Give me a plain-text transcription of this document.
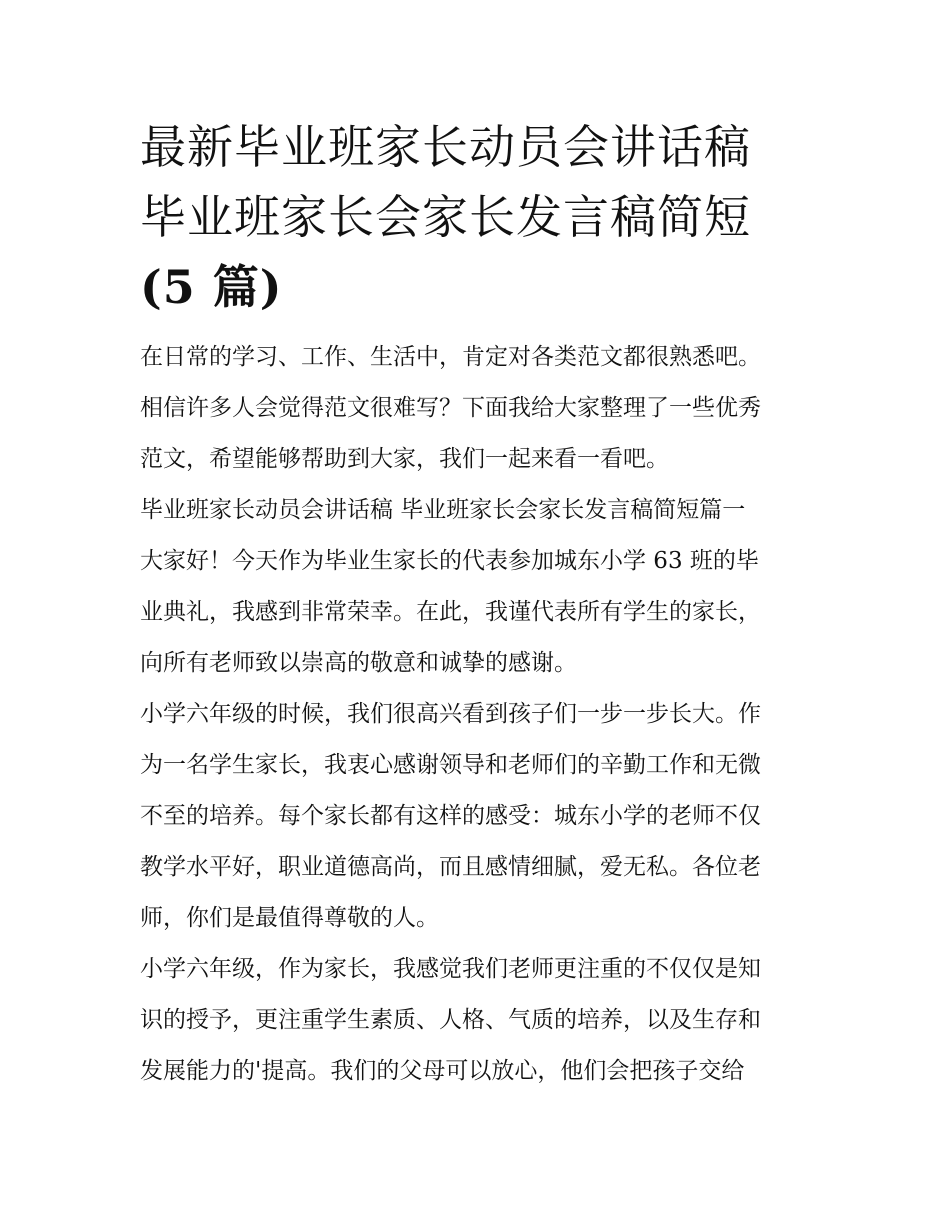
最新毕业班家长动员会讲话稿
毕业班家长会家长发言稿简短
(5 篇)

在日常的学习、工作、生活中，肯定对各类范文都很熟悉吧。
相信许多人会觉得范文很难写？下面我给大家整理了一些优秀
范文，希望能够帮助到大家，我们一起来看一看吧。

毕业班家长动员会讲话稿 毕业班家长会家长发言稿简短篇一

大家好！今天作为毕业生家长的代表参加城东小学 63 班的毕
业典礼，我感到非常荣幸。在此，我谨代表所有学生的家长，
向所有老师致以崇高的敬意和诚挚的感谢。

小学六年级的时候，我们很高兴看到孩子们一步一步长大。作
为一名学生家长，我衷心感谢领导和老师们的辛勤工作和无微
不至的培养。每个家长都有这样的感受：城东小学的老师不仅
教学水平好，职业道德高尚，而且感情细腻，爱无私。各位老
师，你们是最值得尊敬的人。

小学六年级，作为家长，我感觉我们老师更注重的不仅仅是知
识的授予，更注重学生素质、人格、气质的培养，以及生存和
发展能力的'提高。我们的父母可以放心，他们会把孩子交给
